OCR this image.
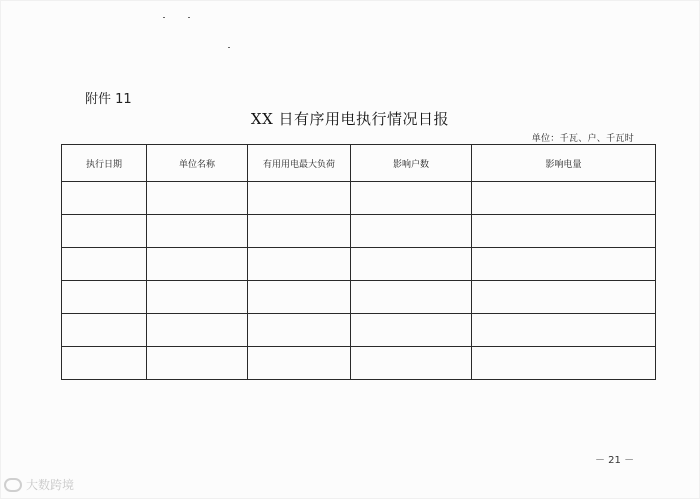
附件 11
XX 日有序用电执行情况日报
单位：千瓦、户、千瓦时
执行日期	单位名称	有用用电最大负荷	影响户数	影响电量

－ 21 －
大数跨境
